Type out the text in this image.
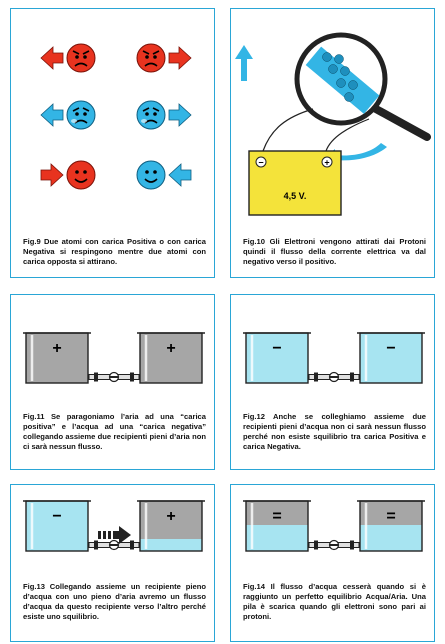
Fig.9 Due atomi con carica Positiva o con carica Negativa si respingono mentre due atomi con carica opposta si attirano.
−	+
4,5 V.
Fig.10 Gli Elettroni vengono attirati dai Protoni quindi il flusso della corrente elettrica va dal negativo verso il positivo.
+	+
Fig.11 Se paragoniamo l’aria ad una “carica positiva” e l’acqua ad una “carica negativa” collegando assieme due recipienti pieni d’aria non ci sarà nessun flusso.
−	−
Fig.12 Anche se colleghiamo assieme due recipienti pieni d’acqua non ci sarà nessun flusso perché non esiste squilibrio tra carica Positiva e carica Negativa.
−	+
Fig.13 Collegando assieme un recipiente pieno d’acqua con uno pieno d’aria avremo un flusso d’acqua da questo recipiente verso l’altro perché esiste uno squilibrio.
=	=
Fig.14 Il flusso d’acqua cesserà quando si è raggiunto un perfetto equilibrio Acqua/Aria. Una pila è scarica quando gli elettroni sono pari ai protoni.
